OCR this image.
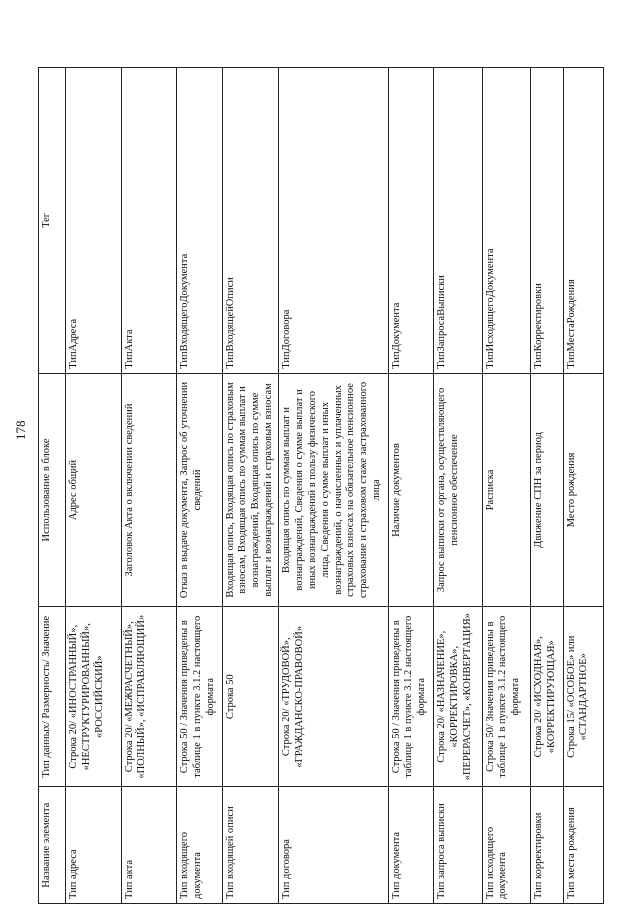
178
Название элемента	Тип данных/ Размерность/ Значение	Использование в блоке	Тег
Тип адреса	Строка 20/ «ИНОСТРАННЫЙ», «НЕСТРУКТУРИРОВАННЫЙ», «РОССИЙСКИЙ»	Адрес общий	ТипАдреса
Тип акта	Строка 20/ «МЕЖРАСЧЕТНЫЙ», «ПОЛНЫЙ», «ИСПРАВЛЯЮЩИЙ»	Заголовок Акта о включении сведений	ТипАкта
Тип входящего документа	Строка 50 / Значения приведены в таблице 1 в пункте 3.1.2 настоящего формата	Отказ в выдаче документа, Запрос об уточнении сведений	ТипВходящегоДокумента
Тип входящей описи	Строка 50	Входящая опись, Входящая опись по страховым взносам, Входящая опись по суммам выплат и вознаграждений, Входящая опись по сумме выплат и вознаграждений и страховым взносам	ТипВходящейОписи
Тип договора	Строка 20/ «ТРУДОВОЙ», «ГРАЖДАНСКО-ПРАВОВОЙ»	Входящая опись по суммам выплат и вознаграждений, Сведения о сумме выплат и иных вознаграждений в пользу физического лица, Сведения о сумме выплат и иных вознаграждений, о начисленных и уплаченных страховых взносах на обязательное пенсионное страхование и страховом стаже застрахованного лица	ТипДоговора
Тип документа	Строка 50 / Значения приведены в таблице 1 в пункте 3.1.2 настоящего формата	Наличие документов	ТипДокумента
Тип запроса выписки	Строка 20/ «НАЗНАЧЕНИЕ», «КОРРЕКТИРОВКА», «ПЕРЕРАСЧЕТ», «КОНВЕРТАЦИЯ»	Запрос выписки от органа, осуществляющего пенсионное обеспечение	ТипЗапросаВыписки
Тип исходящего документа	Строка 50/ Значения приведены в таблице 1 в пункте 3.1.2 настоящего формата	Расписка	ТипИсходящегоДокумента
Тип корректировки	Строка 20/ «ИСХОДНАЯ», «КОРРЕКТИРУЮЩАЯ»	Движение СПН за период	ТипКорректировки
Тип места рождения	Строка 15/ «ОСОБОЕ» или «СТАНДАРТНОЕ»	Место рождения	ТипМестаРождения
